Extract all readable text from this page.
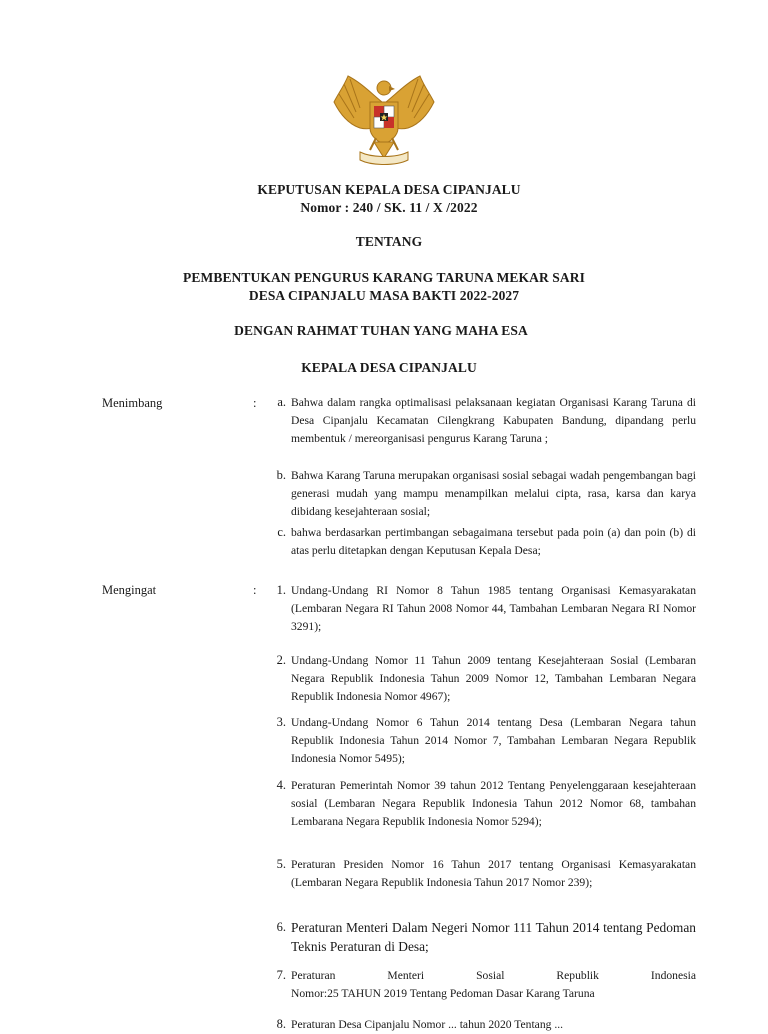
KEPUTUSAN KEPALA DESA CIPANJALU
Nomor : 240 / SK. 11 / X /2022
TENTANG
PEMBENTUKAN PENGURUS KARANG TARUNA MEKAR SARI
DESA CIPANJALU MASA BAKTI 2022-2027
DENGAN RAHMAT TUHAN YANG MAHA ESA
KEPALA DESA CIPANJALU
Menimbang	:	a. Bahwa dalam rangka optimalisasi pelaksanaan kegiatan Organisasi Karang Taruna di Desa Cipanjalu Kecamatan Cilengkrang Kabupaten Bandung, dipandang perlu membentuk / mereorganisasi pengurus Karang Taruna ;
b. Bahwa Karang Taruna merupakan organisasi sosial sebagai wadah pengembangan bagi generasi mudah yang mampu menampilkan melalui cipta, rasa, karsa dan karya dibidang kesejahteraan sosial;
c. bahwa berdasarkan pertimbangan sebagaimana tersebut pada poin (a) dan poin (b) di atas perlu ditetapkan dengan Keputusan Kepala Desa;
Mengingat	:	1. Undang-Undang RI Nomor 8 Tahun 1985 tentang Organisasi Kemasyarakatan (Lembaran Negara RI Tahun 2008 Nomor 44, Tambahan Lembaran Negara RI Nomor 3291);
2. Undang-Undang Nomor 11 Tahun 2009 tentang Kesejahteraan Sosial (Lembaran Negara Republik Indonesia Tahun 2009 Nomor 12, Tambahan Lembaran Negara Republik Indonesia Nomor 4967);
3. Undang-Undang Nomor 6 Tahun 2014 tentang Desa (Lembaran Negara tahun Republik Indonesia Tahun 2014 Nomor 7, Tambahan Lembaran Negara Republik Indonesia Nomor 5495);
4. Peraturan Pemerintah Nomor 39 tahun 2012 Tentang Penyelenggaraan kesejahteraan sosial (Lembaran Negara Republik Indonesia Tahun 2012 Nomor 68, tambahan Lembarana Negara Republik Indonesia Nomor 5294);
5. Peraturan Presiden Nomor 16 Tahun 2017 tentang Organisasi Kemasyarakatan (Lembaran Negara Republik Indonesia Tahun 2017 Nomor 239);
6. Peraturan Menteri Dalam Negeri Nomor 111 Tahun 2014 tentang Pedoman Teknis Peraturan di Desa;
7. Peraturan Menteri Sosial Republik Indonesia
Nomor:25 TAHUN 2019 Tentang Pedoman Dasar Karang Taruna
8. Peraturan Desa Cipanjalu Nomor ... tahun 2020 Tentang ...
